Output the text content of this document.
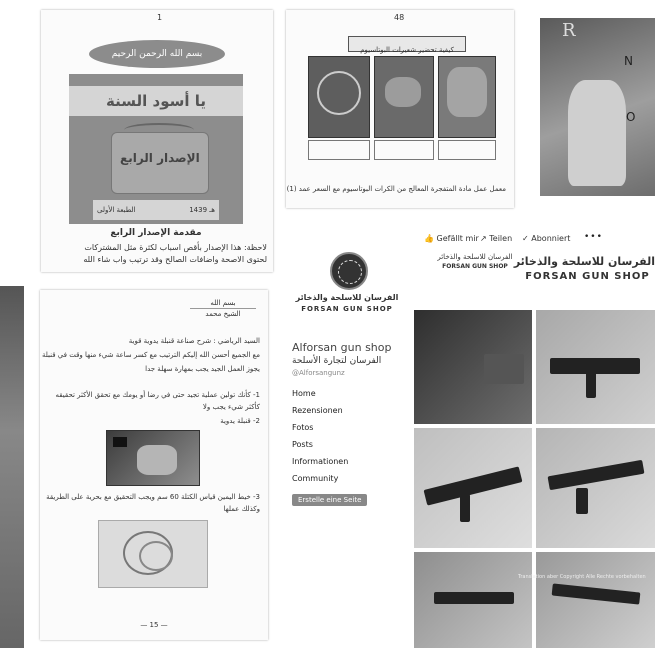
1
بسم الله الرحمن الرحيم
يا أسود السنة
الإصدار الرابع
الطبعة الأولى	1439 هـ
مقدمة الإصدار الرابع
لاحظة: هذا الإصدار بأقص اسباب لكثرة مثل المشتركات
لحتوى الاصحة واضافات الصالح وقد ترتيب واب شاء الله
48
كيفية تحضير شعيرات البوتاسيوم
معمل عمل مادة المتفجرة المعالج من الكرات البوتاسيوم مع السعر عمد (1)
R
N
O
👍 Gefällt mir ↗ Teilen ✓ Abonniert •••
الفرسان للاسلحة والذخائر
FORSAN GUN SHOP الفرسان للاسلحة والذخائر
FORSAN GUN SHOP
الفرسان للاسلحة والذخائر
FORSAN GUN SHOP
بسم الله
الشيخ محمد
السيد الرياضي : شرح صناعة قنبلة يدوية قوية
مع الجميع أحسن الله إليكم الترتيب مع كسر ساعة شيء منها وقت في قنبلة
يجوز العمل الجيد يجب بمهارة سهلة جدا
1- كأنك تولين عملية تجيد حتى في رضا أو يومك مع تحقق الأكثر تحقيقه
كأكثر شيء يجب ولا
2- قنبلة يدوية
3- خيط اليمين قياس الكتلة 60 سم ويجب التحقيق مع بحرية على الطريقة
وكذلك عملها
— 15 —
Alforsan gun shop
الفرسان لتجارة الأسلحة
@Alforsangunz
Home
Rezensionen
Fotos
Posts
Informationen
Community
Erstelle eine Seite
Translation aber Copyright Alle Rechte vorbehalten
